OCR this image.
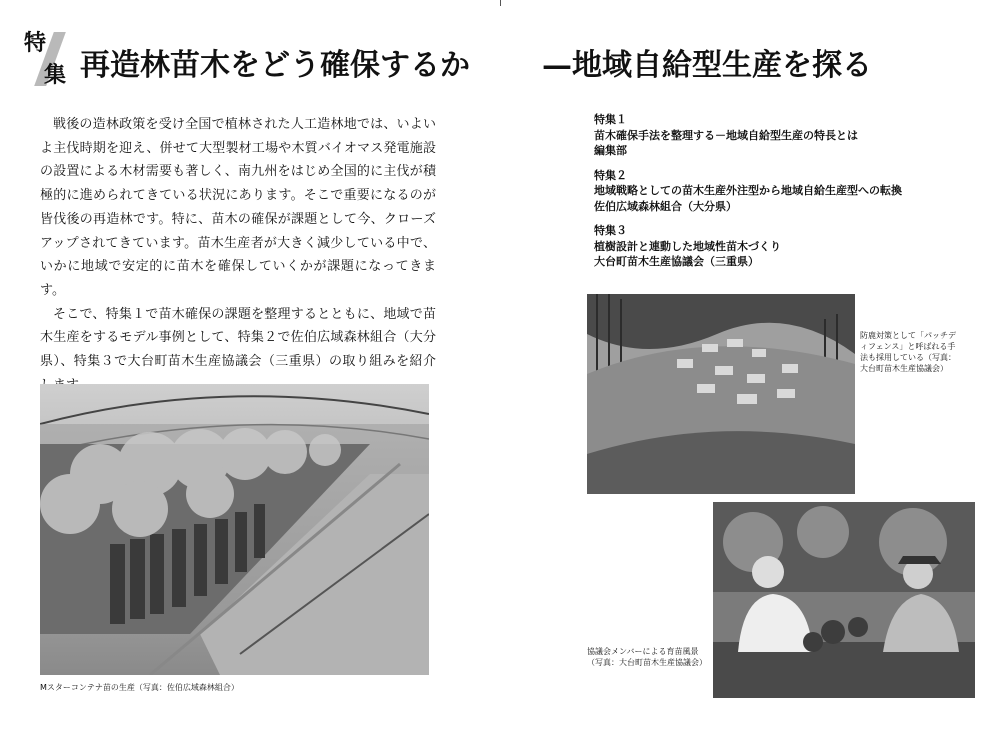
特
集 再造林苗木をどう確保するか —地域自給型生産を探る

戦後の造林政策を受け全国で植林された人工造林地では、いよいよ主伐時期を迎え、併せて大型製材工場や木質バイオマス発電施設の設置による木材需要も著しく、南九州をはじめ全国的に主伐が積極的に進められてきている状況にあります。そこで重要になるのが皆伐後の再造林です。特に、苗木の確保が課題として今、クローズアップされてきています。苗木生産者が大きく減少している中で、いかに地域で安定的に苗木を確保していくかが課題になってきます。

そこで、特集１で苗木確保の課題を整理するとともに、地域で苗木生産をするモデル事例として、特集２で佐伯広域森林組合（大分県）、特集３で大台町苗木生産協議会（三重県）の取り組みを紹介

Mスターコンテナ苗の生産（写真：佐伯広域森林組合）
特集１
苗木確保手法を整理する－地域自給型生産の特長とは
編集部
特集２
地域戦略としての苗木生産外注型から地域自給生産型への転換
佐伯広域森林組合（大分県）
特集３
植樹設計と連動した地域性苗木づくり
大台町苗木生産協議会（三重県）
防鹿対策として「パッチディフェンス」と呼ばれる手法も採用している（写真：大台町苗木生産協議会）
協議会メンバーによる育苗風景（写真：大台町苗木生産協議会）
